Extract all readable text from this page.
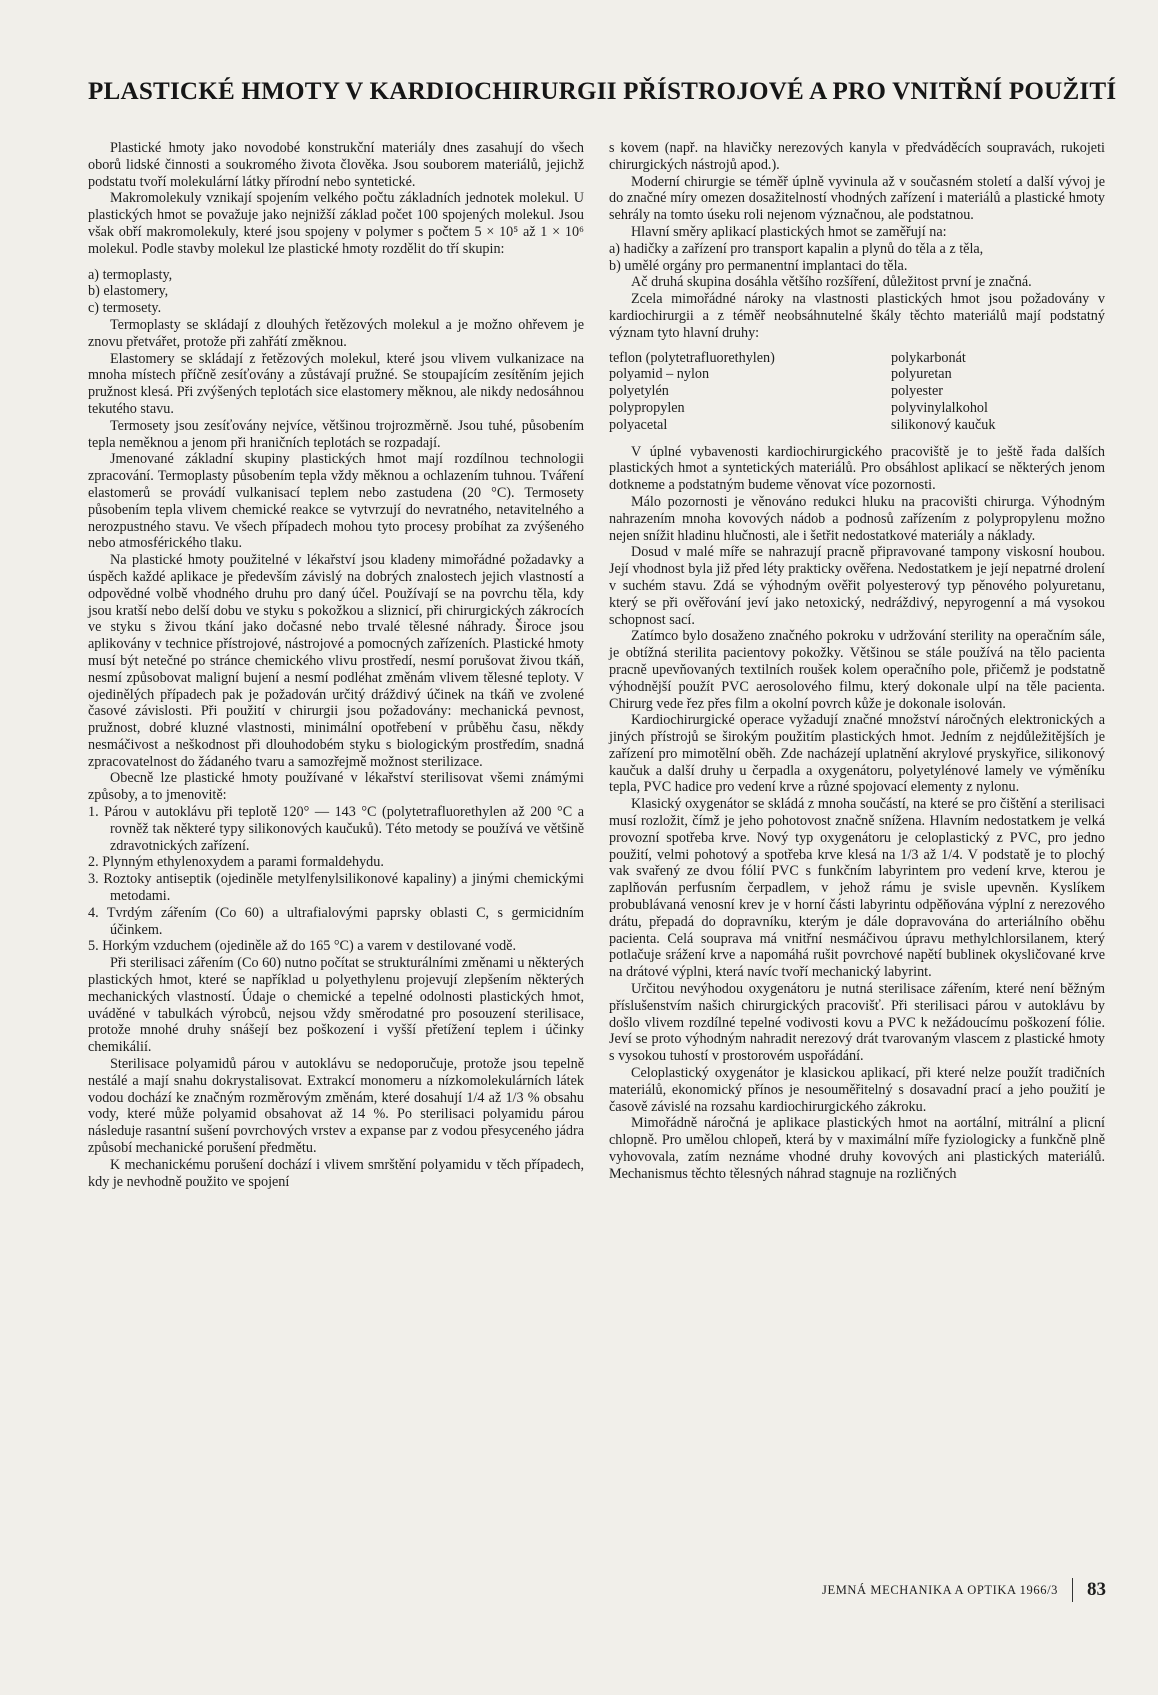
PLASTICKÉ HMOTY V KARDIOCHIRURGII PŘÍSTROJOVÉ A PRO VNITŘNÍ POUŽITÍ

Plastické hmoty jako novodobé konstrukční materiály dnes zasahují do všech oborů lidské činnosti a soukromého života člověka. Jsou souborem materiálů, jejichž podstatu tvoří molekulární látky přírodní nebo syntetické.

Makromolekuly vznikají spojením velkého počtu základních jednotek molekul. U plastických hmot se považuje jako nejnižší základ počet 100 spojených molekul. Jsou však obří makromolekuly, které jsou spojeny v polymer s počtem 5 × 10⁵ až 1 × 10⁶ molekul. Podle stavby molekul lze plastické hmoty rozdělit do tří skupin:

a) termoplasty,
b) elastomery,
c) termosety.

Termoplasty se skládají z dlouhých řetězových molekul a je možno ohřevem je znovu přetvářet, protože při zahřátí změknou.

Elastomery se skládají z řetězových molekul, které jsou vlivem vulkanizace na mnoha místech příčně zesíťovány a zůstávají pružné. Se stoupajícím zesítěním jejich pružnost klesá. Při zvýšených teplotách sice elastomery měknou, ale nikdy nedosáhnou tekutého stavu.

Termosety jsou zesíťovány nejvíce, většinou trojrozměrně. Jsou tuhé, působením tepla neměknou a jenom při hraničních teplotách se rozpadají.

Jmenované základní skupiny plastických hmot mají rozdílnou technologii zpracování. Termoplasty působením tepla vždy měknou a ochlazením tuhnou. Tváření elastomerů se provádí vulkanisací teplem nebo zastudena (20 °C). Termosety působením tepla vlivem chemické reakce se vytvrzují do nevratného, netavitelného a nerozpustného stavu. Ve všech případech mohou tyto procesy probíhat za zvýšeného nebo atmosférického tlaku.

Na plastické hmoty použitelné v lékařství jsou kladeny mimořádné požadavky a úspěch každé aplikace je především závislý na dobrých znalostech jejich vlastností a odpovědné volbě vhodného druhu pro daný účel. Používají se na povrchu těla, kdy jsou kratší nebo delší dobu ve styku s pokožkou a sliznicí, při chirurgických zákrocích ve styku s živou tkání jako dočasné nebo trvalé tělesné náhrady. Široce jsou aplikovány v technice přístrojové, nástrojové a pomocných zařízeních. Plastické hmoty musí být netečné po stránce chemického vlivu prostředí, nesmí porušovat živou tkáň, nesmí způsobovat maligní bujení a nesmí podléhat změnám vlivem tělesné teploty. V ojedinělých případech pak je požadován určitý dráždivý účinek na tkáň ve zvolené časové závislosti. Při použití v chirurgii jsou požadovány: mechanická pevnost, pružnost, dobré kluzné vlastnosti, minimální opotřebení v průběhu času, někdy nesmáčivost a neškodnost při dlouhodobém styku s biologickým prostředím, snadná zpracovatelnost do žádaného tvaru a samozřejmě možnost sterilizace.

Obecně lze plastické hmoty používané v lékařství sterilisovat všemi známými způsoby, a to jmenovitě:

1. Párou v autoklávu při teplotě 120° — 143 °C (polytetrafluorethylen až 200 °C a rovněž tak některé typy silikonových kaučuků). Této metody se používá ve většině zdravotnických zařízení.
2. Plynným ethylenoxydem a parami formaldehydu.
3. Roztoky antiseptik (ojediněle metylfenylsilikonové kapaliny) a jinými chemickými metodami.
4. Tvrdým zářením (Co 60) a ultrafialovými paprsky oblasti C, s germicidním účinkem.
5. Horkým vzduchem (ojediněle až do 165 °C) a varem v destilované vodě.

Při sterilisaci zářením (Co 60) nutno počítat se strukturálními změnami u některých plastických hmot, které se například u polyethylenu projevují zlepšením některých mechanických vlastností. Údaje o chemické a tepelné odolnosti plastických hmot, uváděné v tabulkách výrobců, nejsou vždy směrodatné pro posouzení sterilisace, protože mnohé druhy snášejí bez poškození i vyšší přetížení teplem i účinky chemikálií.

Sterilisace polyamidů párou v autoklávu se nedoporučuje, protože jsou tepelně nestálé a mají snahu dokrystalisovat. Extrakcí monomeru a nízkomolekulárních látek vodou dochází ke značným rozměrovým změnám, které dosahují 1/4 až 1/3 % obsahu vody, které může polyamid obsahovat až 14 %. Po sterilisaci polyamidu párou následuje rasantní sušení povrchových vrstev a expanse par z vodou přesyceného jádra způsobí mechanické porušení předmětu.

K mechanickému porušení dochází i vlivem smrštění polyamidu v těch případech, kdy je nevhodně použito ve spojení

s kovem (např. na hlavičky nerezových kanyla v předváděcích soupravách, rukojeti chirurgických nástrojů apod.).

Moderní chirurgie se téměř úplně vyvinula až v současném století a další vývoj je do značné míry omezen dosažitelností vhodných zařízení i materiálů a plastické hmoty sehrály na tomto úseku roli nejenom význačnou, ale podstatnou.

Hlavní směry aplikací plastických hmot se zaměřují na:

a) hadičky a zařízení pro transport kapalin a plynů do těla a z těla,
b) umělé orgány pro permanentní implantaci do těla.

Ač druhá skupina dosáhla většího rozšíření, důležitost první je značná.

Zcela mimořádné nároky na vlastnosti plastických hmot jsou požadovány v kardiochirurgii a z téměř neobsáhnutelné škály těchto materiálů mají podstatný význam tyto hlavní druhy:

teflon (polytetrafluorethylen)	polykarbonát
polyamid – nylon	polyuretan
polyetylén	polyester
polypropylen	polyvinylalkohol
polyacetal	silikonový kaučuk

V úplné vybavenosti kardiochirurgického pracoviště je to ještě řada dalších plastických hmot a syntetických materiálů. Pro obsáhlost aplikací se některých jenom dotkneme a podstatným budeme věnovat více pozornosti.

Málo pozornosti je věnováno redukci hluku na pracovišti chirurga. Výhodným nahrazením mnoha kovových nádob a podnosů zařízením z polypropylenu možno nejen snížit hladinu hlučnosti, ale i šetřit nedostatkové materiály a náklady.

Dosud v malé míře se nahrazují pracně připravované tampony viskosní houbou. Její vhodnost byla již před léty prakticky ověřena. Nedostatkem je její nepatrné drolení v suchém stavu. Zdá se výhodným ověřit polyesterový typ pěnového polyuretanu, který se při ověřování jeví jako netoxický, nedráždivý, nepyrogenní a má vysokou schopnost sací.

Zatímco bylo dosaženo značného pokroku v udržování sterility na operačním sále, je obtížná sterilita pacientovy pokožky. Většinou se stále používá na tělo pacienta pracně upevňovaných textilních roušek kolem operačního pole, přičemž je podstatně výhodnější použít PVC aerosolového filmu, který dokonale ulpí na těle pacienta. Chirurg vede řez přes film a okolní povrch kůže je dokonale isolován.

Kardiochirurgické operace vyžadují značné množství náročných elektronických a jiných přístrojů se širokým použitím plastických hmot. Jedním z nejdůležitějších je zařízení pro mimotělní oběh. Zde nacházejí uplatnění akrylové pryskyřice, silikonový kaučuk a další druhy u čerpadla a oxygenátoru, polyetylénové lamely ve výměníku tepla, PVC hadice pro vedení krve a různé spojovací elementy z nylonu.

Klasický oxygenátor se skládá z mnoha součástí, na které se pro čištění a sterilisaci musí rozložit, čímž je jeho pohotovost značně snížena. Hlavním nedostatkem je velká provozní spotřeba krve. Nový typ oxygenátoru je celoplastický z PVC, pro jedno použití, velmi pohotový a spotřeba krve klesá na 1/3 až 1/4. V podstatě je to plochý vak svařený ze dvou fólií PVC s funkčním labyrintem pro vedení krve, kterou je zaplňován perfusním čerpadlem, v jehož rámu je svisle upevněn. Kyslíkem probublávaná venosní krev je v horní části labyrintu odpěňována výplní z nerezového drátu, přepadá do dopravníku, kterým je dále dopravována do arteriálního oběhu pacienta. Celá souprava má vnitřní nesmáčivou úpravu methylchlorsilanem, který potlačuje srážení krve a napomáhá rušit povrchové napětí bublinek okysličované krve na drátové výplni, která navíc tvoří mechanický labyrint.

Určitou nevýhodou oxygenátoru je nutná sterilisace zářením, které není běžným příslušenstvím našich chirurgických pracovišť. Při sterilisaci párou v autoklávu by došlo vlivem rozdílné tepelné vodivosti kovu a PVC k nežádoucímu poškození fólie. Jeví se proto výhodným nahradit nerezový drát tvarovaným vlascem z plastické hmoty s vysokou tuhostí v prostorovém uspořádání.

Celoplastický oxygenátor je klasickou aplikací, při které nelze použít tradičních materiálů, ekonomický přínos je nesouměřitelný s dosavadní prací a jeho použití je časově závislé na rozsahu kardiochirurgického zákroku.

Mimořádně náročná je aplikace plastických hmot na aortální, mitrální a plicní chlopně. Pro umělou chlopeň, která by v maximální míře fyziologicky a funkčně plně vyhovovala, zatím neznáme vhodné druhy kovových ani plastických materiálů. Mechanismus těchto tělesných náhrad stagnuje na rozličných

JEMNÁ MECHANIKA A OPTIKA 1966/3 83
